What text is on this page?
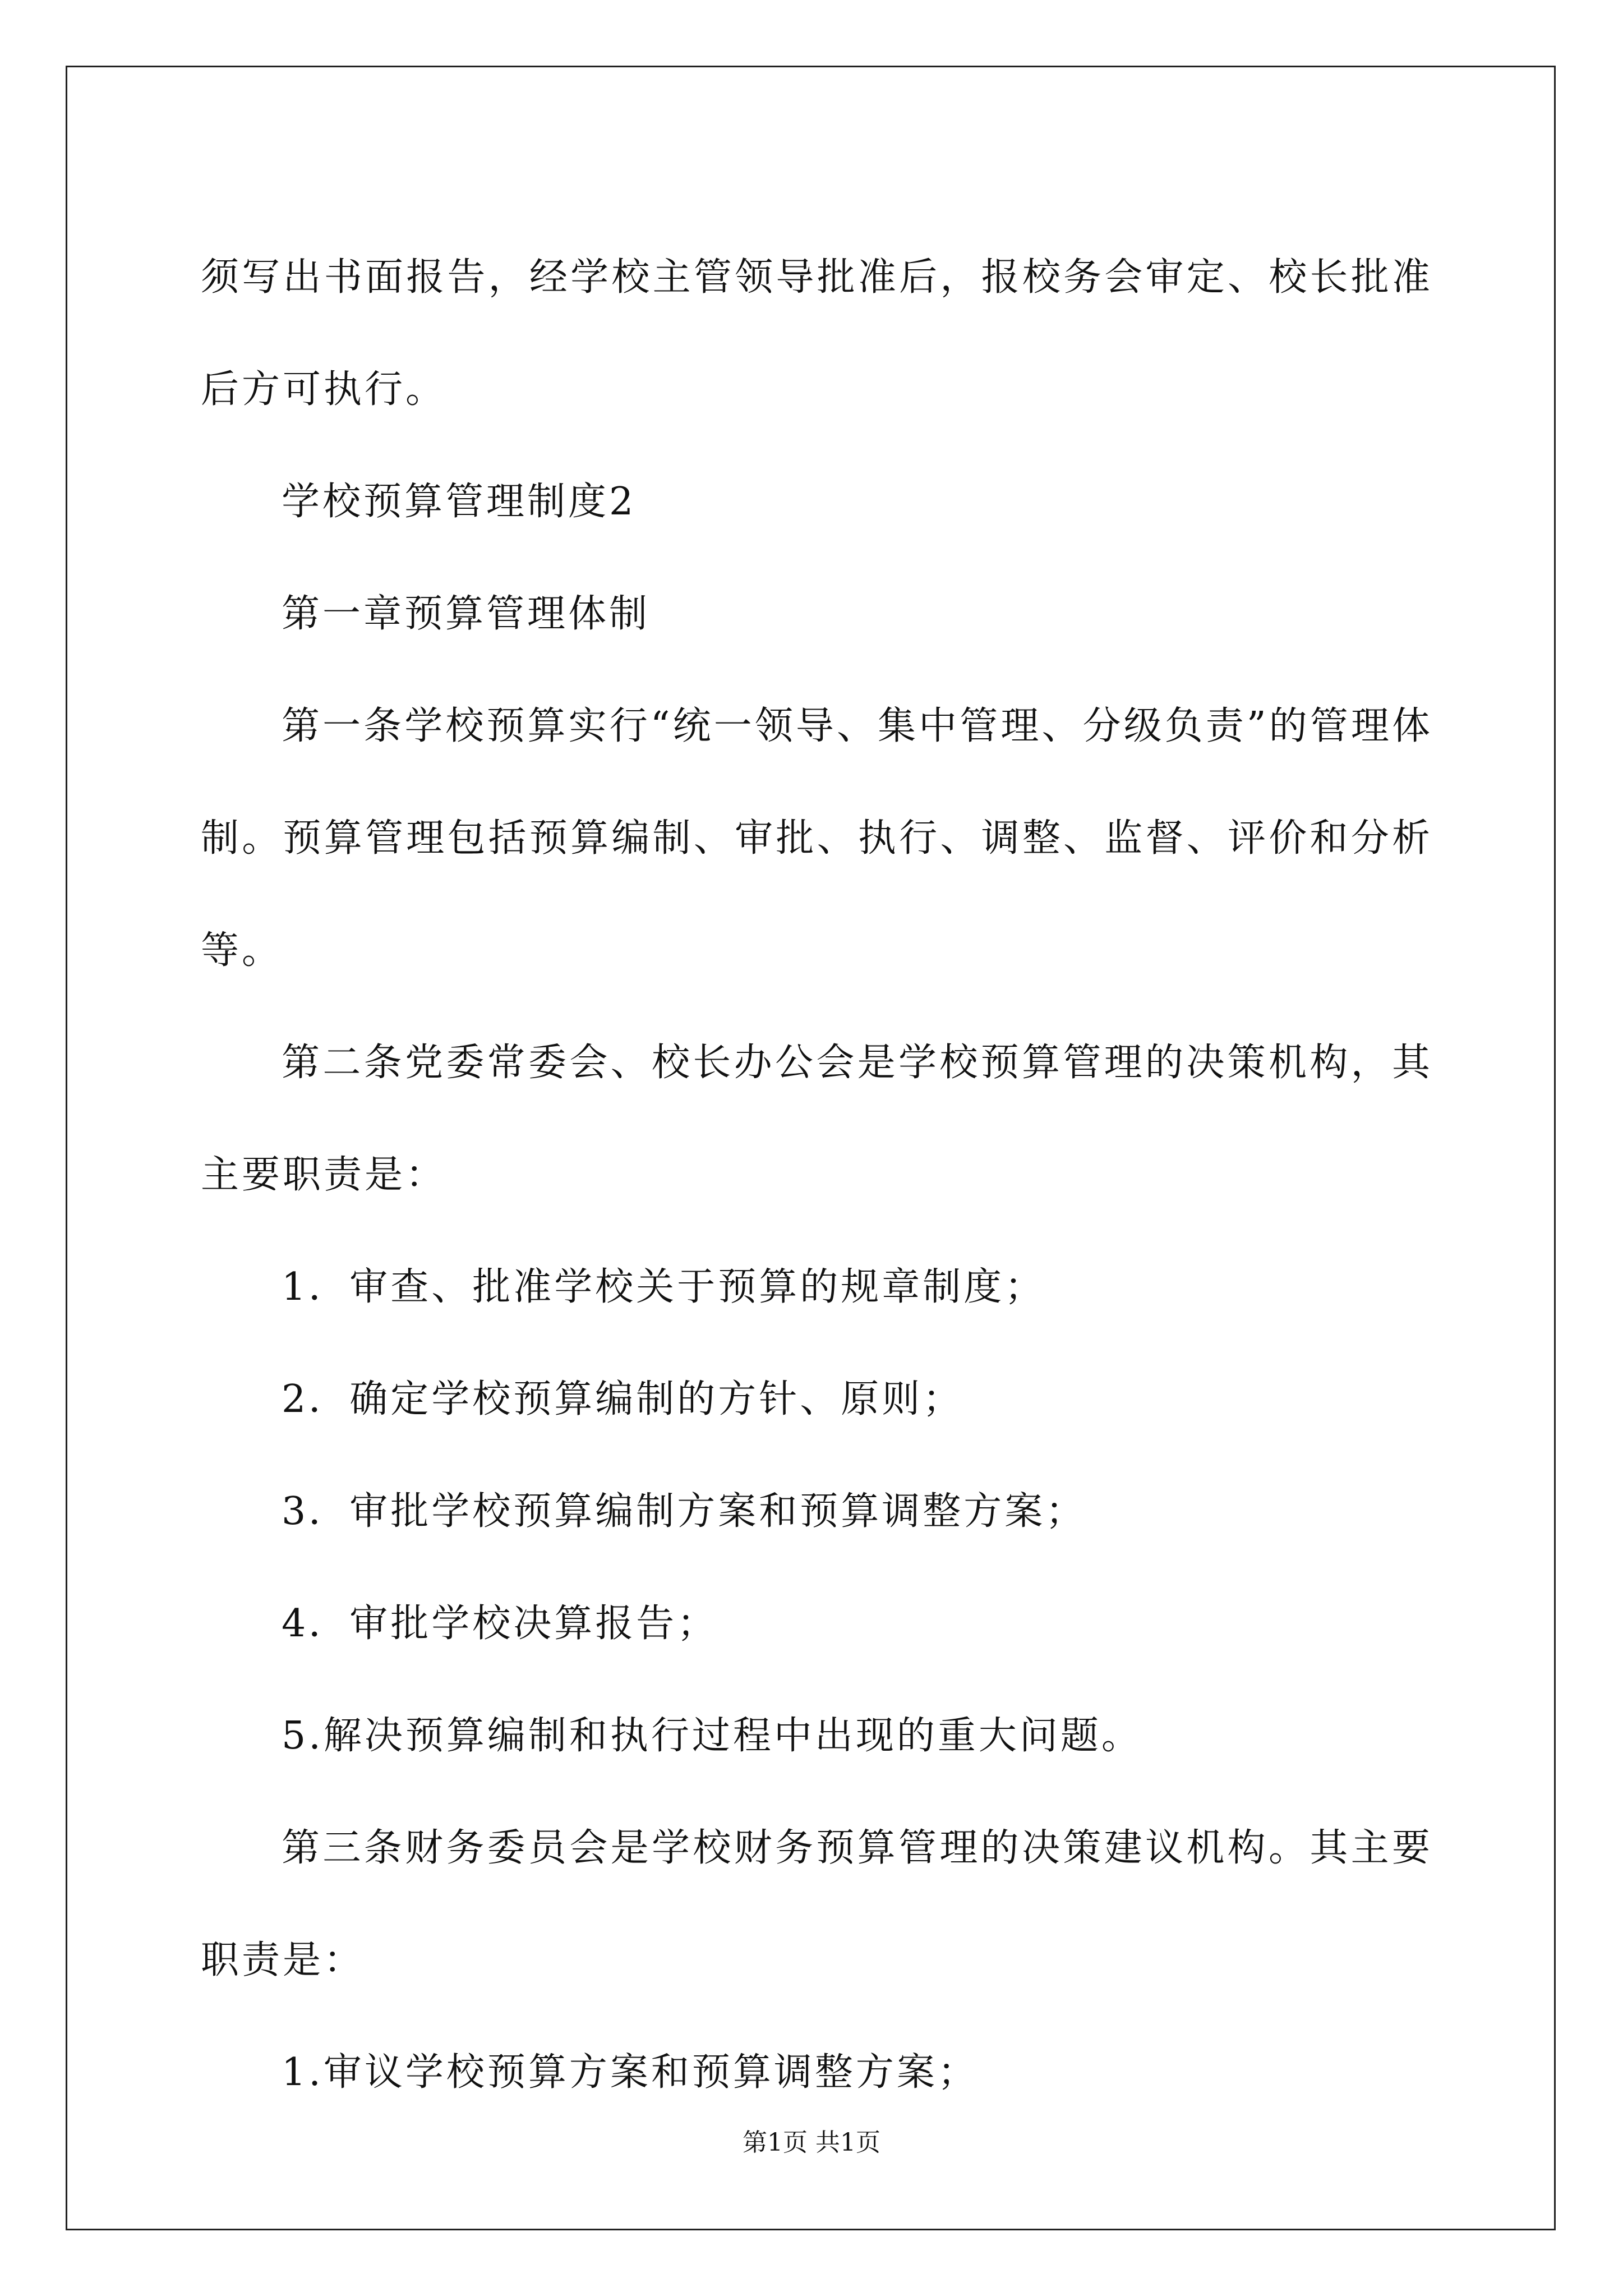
须写出书面报告，经学校主管领导批准后，报校务会审定、校长批准后方可执行。

学校预算管理制度2

第一章预算管理体制

第一条学校预算实行“统一领导、集中管理、分级负责”的管理体制。预算管理包括预算编制、审批、执行、调整、监督、评价和分析等。

第二条党委常委会、校长办公会是学校预算管理的决策机构，其主要职责是：

1．审查、批准学校关于预算的规章制度；

2．确定学校预算编制的方针、原则；

3．审批学校预算编制方案和预算调整方案；

4．审批学校决算报告；

5.解决预算编制和执行过程中出现的重大问题。

第三条财务委员会是学校财务预算管理的决策建议机构。其主要职责是：

1.审议学校预算方案和预算调整方案；

第1页 共1页
